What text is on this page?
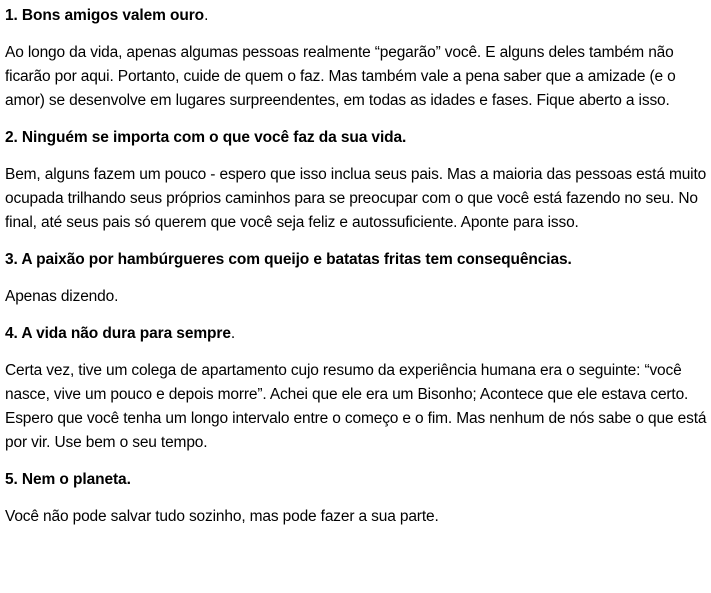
1. Bons amigos valem ouro.

Ao longo da vida, apenas algumas pessoas realmente “pegarão” você. E alguns deles também não ficarão por aqui. Portanto, cuide de quem o faz. Mas também vale a pena saber que a amizade (e o amor) se desenvolve em lugares surpreendentes, em todas as idades e fases. Fique aberto a isso.

2. Ninguém se importa com o que você faz da sua vida.

Bem, alguns fazem um pouco - espero que isso inclua seus pais. Mas a maioria das pessoas está muito ocupada trilhando seus próprios caminhos para se preocupar com o que você está fazendo no seu. No final, até seus pais só querem que você seja feliz e autossuficiente. Aponte para isso.

3. A paixão por hambúrgueres com queijo e batatas fritas tem consequências.

Apenas dizendo.

4. A vida não dura para sempre.

Certa vez, tive um colega de apartamento cujo resumo da experiência humana era o seguinte: “você nasce, vive um pouco e depois morre”. Achei que ele era um Bisonho; Acontece que ele estava certo. Espero que você tenha um longo intervalo entre o começo e o fim. Mas nenhum de nós sabe o que está por vir. Use bem o seu tempo.

5. Nem o planeta.

Você não pode salvar tudo sozinho, mas pode fazer a sua parte.
